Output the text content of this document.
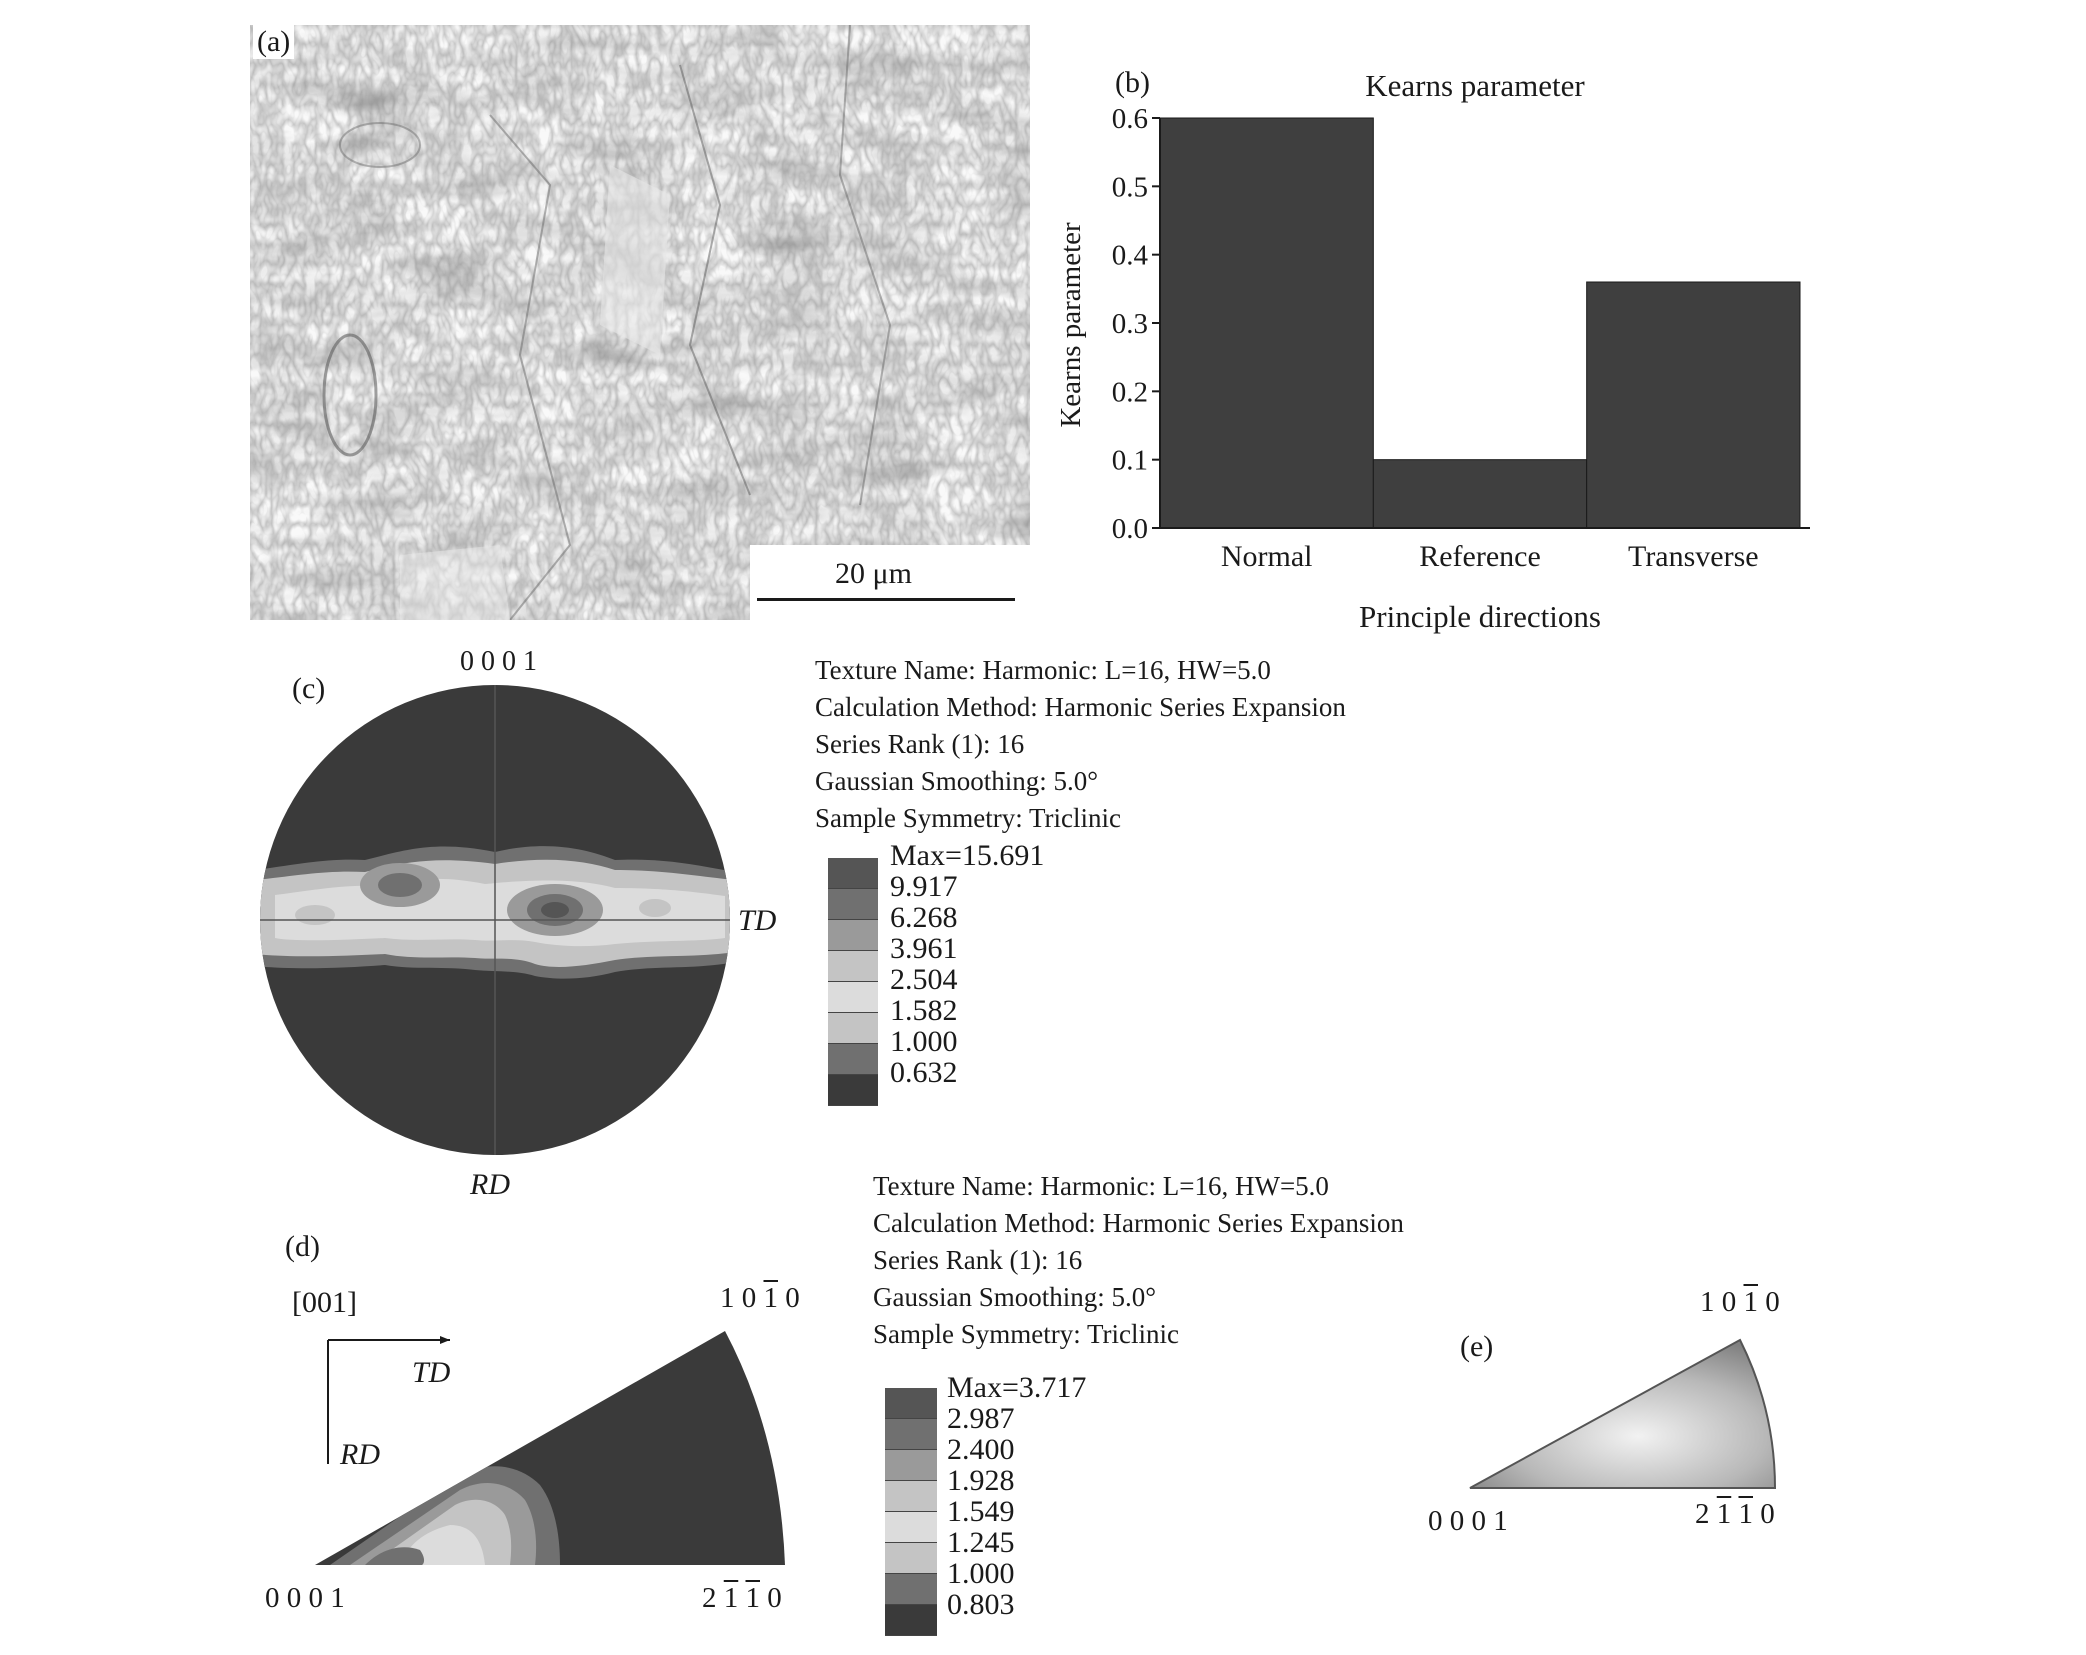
(a)
20 μm
(b)	Kearns parameter
Kearns parameter
Principle directions
0.0
0.1
0.2
0.3
0.4
0.5
0.6
Normal	Reference	Transverse
(c)
0 0 0 1
TD
RD
Texture Name: Harmonic: L=16, HW=5.0
Calculation Method: Harmonic Series Expansion
Series Rank (1): 16
Gaussian Smoothing: 5.0°
Sample Symmetry: Triclinic
Max=15.691
9.917
6.268
3.961
2.504
1.582
1.000
0.632
(d)
[001]
TD
RD
0 0 0 1
1 0 1 0
2 1 1 0
Texture Name: Harmonic: L=16, HW=5.0
Calculation Method: Harmonic Series Expansion
Series Rank (1): 16
Gaussian Smoothing: 5.0°
Sample Symmetry: Triclinic
Max=3.717
2.987
2.400
1.928
1.549
1.245
1.000
0.803
(e)
0 0 0 1
1 0 1 0
2 1 1 0
